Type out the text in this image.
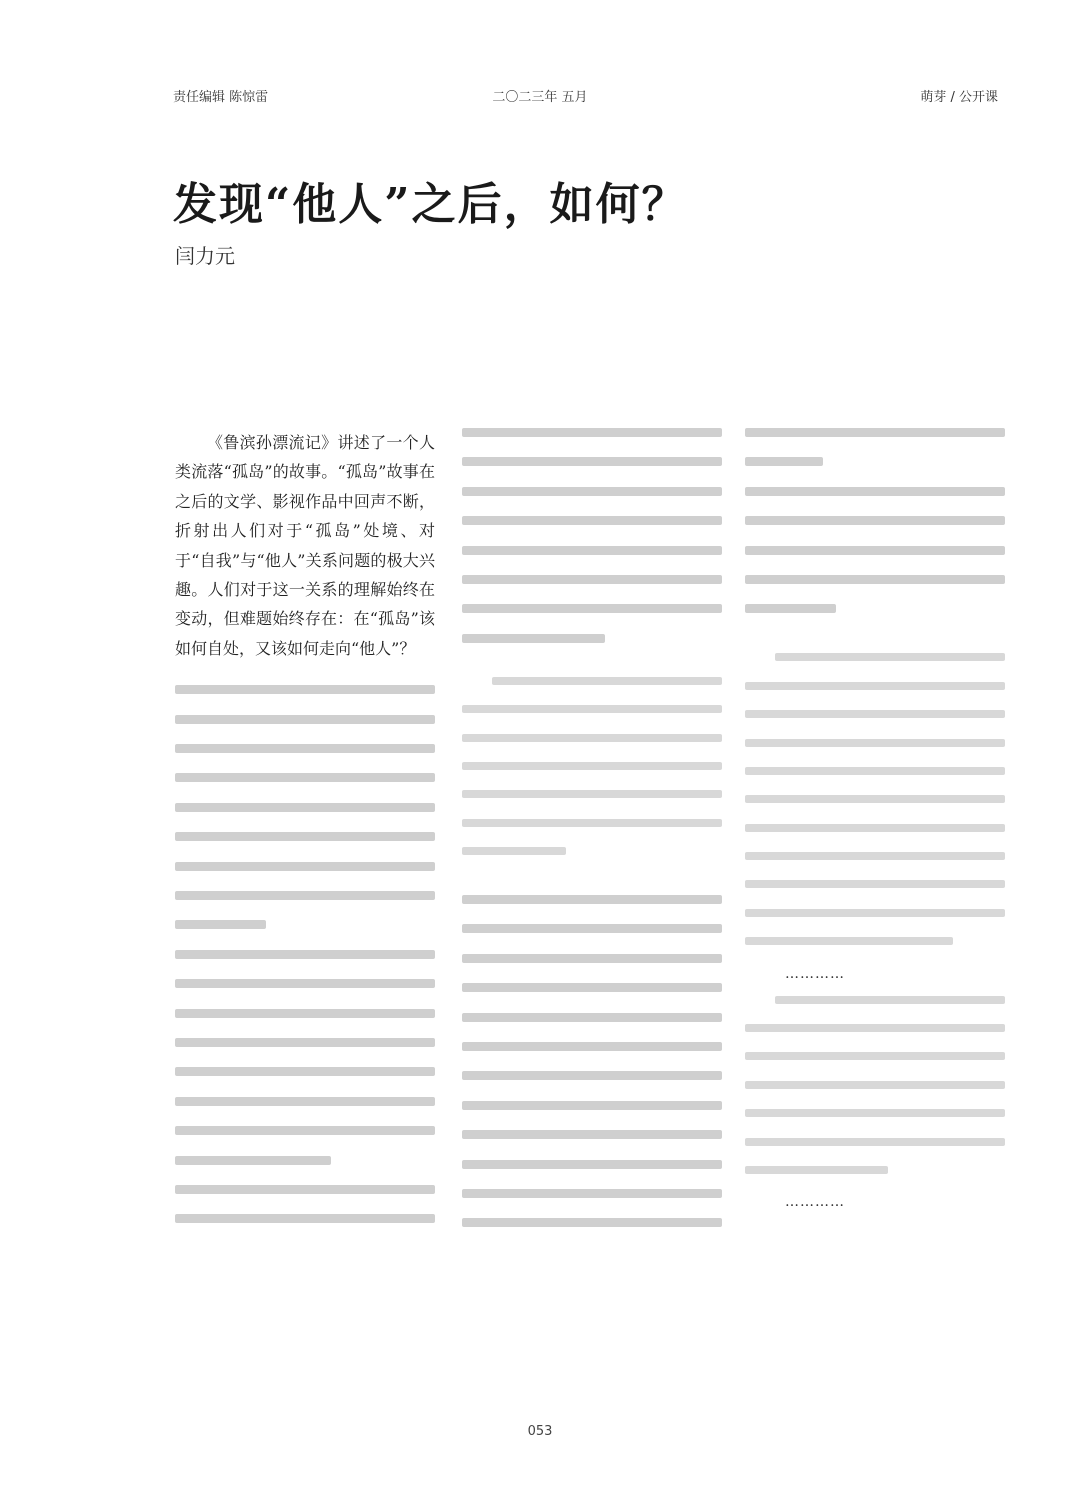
责任编辑 陈惊雷	二〇二三年 五月	萌芽 / 公开课
发现“他人”之后，如何？
闫力元

《鲁滨孙漂流记》讲述了一个人类流落“孤岛”的故事。“孤岛”故事在之后的文学、影视作品中回声不断，折射出人们对于“孤岛”处境、对于“自我”与“他人”关系问题的极大兴趣。人们对于这一关系的理解始终在变动，但难题始终存在：在“孤岛”该如何自处，又该如何走向“他人”？

…………
…………
053
